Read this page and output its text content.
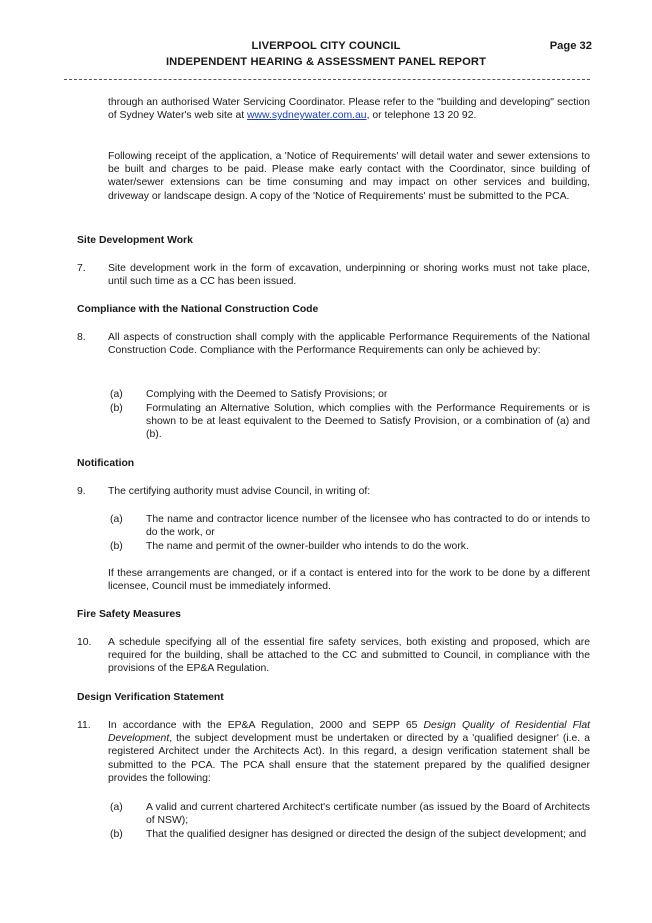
LIVERPOOL CITY COUNCIL	Page 32
INDEPENDENT HEARING & ASSESSMENT PANEL REPORT
through an authorised Water Servicing Coordinator. Please refer to the "building and developing" section of Sydney Water's web site at www.sydneywater.com.au, or telephone 13 20 92.
Following receipt of the application, a 'Notice of Requirements' will detail water and sewer extensions to be built and charges to be paid. Please make early contact with the Coordinator, since building of water/sewer extensions can be time consuming and may impact on other services and building, driveway or landscape design. A copy of the 'Notice of Requirements' must be submitted to the PCA.
Site Development Work
7. Site development work in the form of excavation, underpinning or shoring works must not take place, until such time as a CC has been issued.
Compliance with the National Construction Code
8. All aspects of construction shall comply with the applicable Performance Requirements of the National Construction Code. Compliance with the Performance Requirements can only be achieved by:
(a) Complying with the Deemed to Satisfy Provisions; or
(b) Formulating an Alternative Solution, which complies with the Performance Requirements or is shown to be at least equivalent to the Deemed to Satisfy Provision, or a combination of (a) and (b).
Notification
9. The certifying authority must advise Council, in writing of:
(a) The name and contractor licence number of the licensee who has contracted to do or intends to do the work, or
(b) The name and permit of the owner-builder who intends to do the work.
If these arrangements are changed, or if a contact is entered into for the work to be done by a different licensee, Council must be immediately informed.
Fire Safety Measures
10. A schedule specifying all of the essential fire safety services, both existing and proposed, which are required for the building, shall be attached to the CC and submitted to Council, in compliance with the provisions of the EP&A Regulation.
Design Verification Statement
11. In accordance with the EP&A Regulation, 2000 and SEPP 65 Design Quality of Residential Flat Development, the subject development must be undertaken or directed by a 'qualified designer' (i.e. a registered Architect under the Architects Act). In this regard, a design verification statement shall be submitted to the PCA. The PCA shall ensure that the statement prepared by the qualified designer provides the following:
(a) A valid and current chartered Architect's certificate number (as issued by the Board of Architects of NSW);
(b) That the qualified designer has designed or directed the design of the subject development; and
